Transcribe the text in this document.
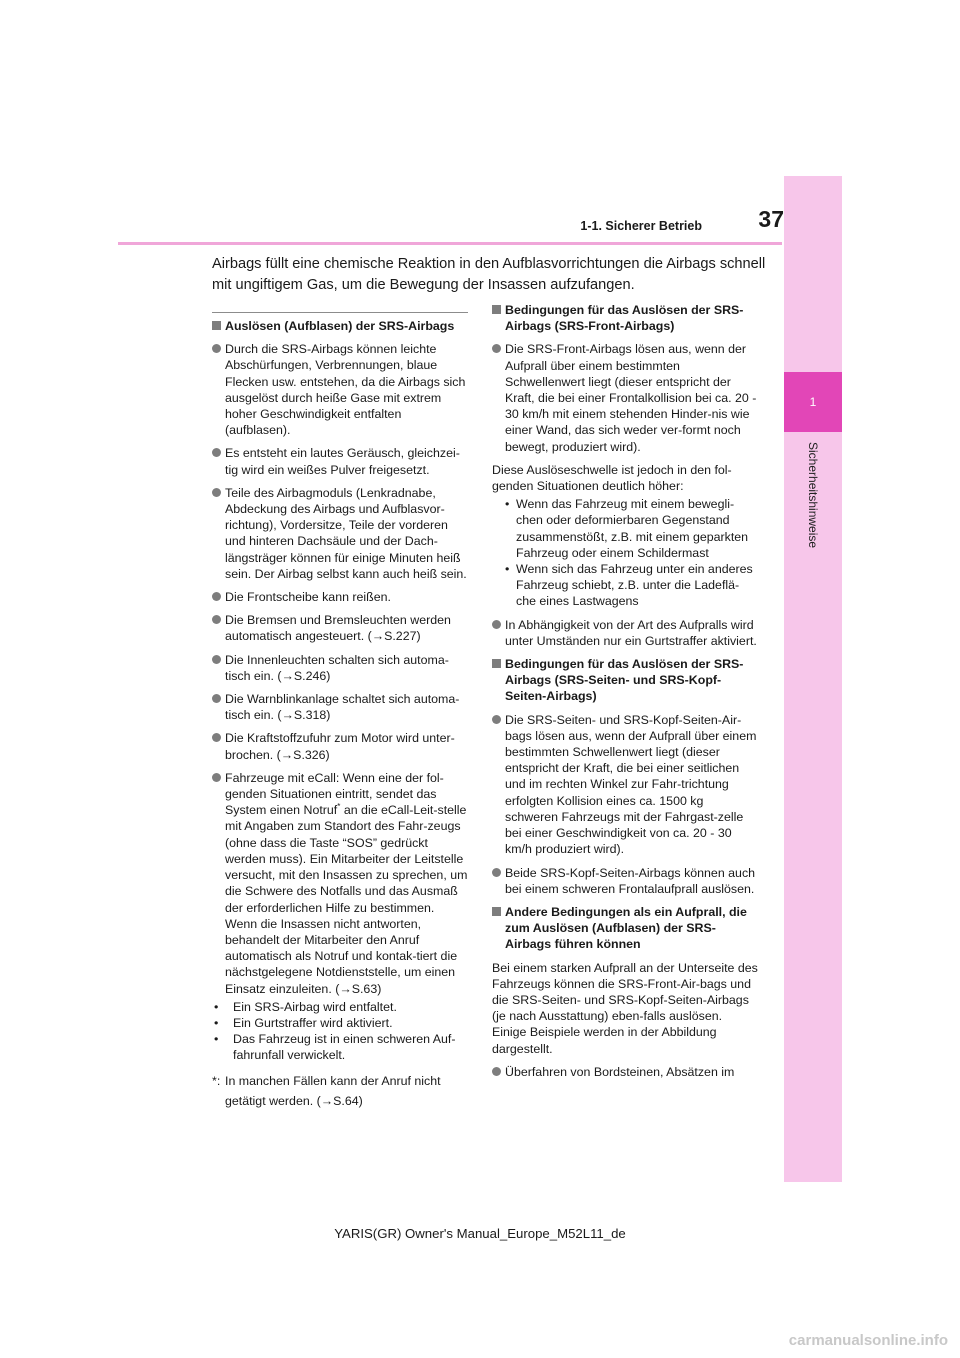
1
Sicherheitshinweise
37
1-1. Sicherer Betrieb
Airbags füllt eine chemische Reaktion in den Aufblasvorrichtungen die Airbags schnell mit ungiftigem Gas, um die Bewegung der Insassen aufzufangen.
Auslösen (Aufblasen) der SRS-Airbags
Durch die SRS-Airbags können leichte Abschürfungen, Verbrennungen, blaue Flecken usw. entstehen, da die Airbags sich ausgelöst durch heiße Gase mit extrem hoher Geschwindigkeit entfalten (aufblasen).
Es entsteht ein lautes Geräusch, gleichzei-tig wird ein weißes Pulver freigesetzt.
Teile des Airbagmoduls (Lenkradnabe, Abdeckung des Airbags und Aufblasvor-richtung), Vordersitze, Teile der vorderen und hinteren Dachsäule und der Dach-längsträger können für einige Minuten heiß sein. Der Airbag selbst kann auch heiß sein.
Die Frontscheibe kann reißen.
Die Bremsen und Bremsleuchten werden automatisch angesteuert. (→S.227)
Die Innenleuchten schalten sich automa-tisch ein. (→S.246)
Die Warnblinkanlage schaltet sich automa-tisch ein. (→S.318)
Die Kraftstoffzufuhr zum Motor wird unter-brochen. (→S.326)
Fahrzeuge mit eCall: Wenn eine der fol-genden Situationen eintritt, sendet das System einen Notruf* an die eCall-Leit-stelle mit Angaben zum Standort des Fahr-zeugs (ohne dass die Taste “SOS” gedrückt werden muss). Ein Mitarbeiter der Leitstelle versucht, mit den Insassen zu sprechen, um die Schwere des Notfalls und das Ausmaß der erforderlichen Hilfe zu bestimmen. Wenn die Insassen nicht antworten, behandelt der Mitarbeiter den Anruf automatisch als Notruf und kontak-tiert die nächstgelegene Notdienststelle, um einen Einsatz einzuleiten. (→S.63)
• Ein SRS-Airbag wird entfaltet.
• Ein Gurtstraffer wird aktiviert.
• Das Fahrzeug ist in einen schweren Auf-fahrunfall verwickelt.
*: In manchen Fällen kann der Anruf nicht getätigt werden. (→S.64)
Bedingungen für das Auslösen der SRS-Airbags (SRS-Front-Airbags)
Die SRS-Front-Airbags lösen aus, wenn der Aufprall über einem bestimmten Schwellenwert liegt (dieser entspricht der Kraft, die bei einer Frontalkollision bei ca. 20 - 30 km/h mit einem stehenden Hinder-nis wie einer Wand, das sich weder ver-formt noch bewegt, produziert wird).
Diese Auslöseschwelle ist jedoch in den fol-genden Situationen deutlich höher:
• Wenn das Fahrzeug mit einem bewegli-chen oder deformierbaren Gegenstand zusammenstößt, z.B. mit einem geparkten Fahrzeug oder einem Schildermast
• Wenn sich das Fahrzeug unter ein anderes Fahrzeug schiebt, z.B. unter die Ladeflä-che eines Lastwagens
In Abhängigkeit von der Art des Aufpralls wird unter Umständen nur ein Gurtstraffer aktiviert.
Bedingungen für das Auslösen der SRS-Airbags (SRS-Seiten- und SRS-Kopf-Seiten-Airbags)
Die SRS-Seiten- und SRS-Kopf-Seiten-Air-bags lösen aus, wenn der Aufprall über einem bestimmten Schwellenwert liegt (dieser entspricht der Kraft, die bei einer seitlichen und im rechten Winkel zur Fahr-trichtung erfolgten Kollision eines ca. 1500 kg schweren Fahrzeugs mit der Fahrgast-zelle bei einer Geschwindigkeit von ca. 20 - 30 km/h produziert wird).
Beide SRS-Kopf-Seiten-Airbags können auch bei einem schweren Frontalaufprall auslösen.
Andere Bedingungen als ein Aufprall, die zum Auslösen (Aufblasen) der SRS-Airbags führen können
Bei einem starken Aufprall an der Unterseite des Fahrzeugs können die SRS-Front-Air-bags und die SRS-Seiten- und SRS-Kopf-Seiten-Airbags (je nach Ausstattung) eben-falls auslösen. Einige Beispiele werden in der Abbildung dargestellt.
Überfahren von Bordsteinen, Absätzen im
YARIS(GR) Owner's Manual_Europe_M52L11_de
carmanualsonline.info
